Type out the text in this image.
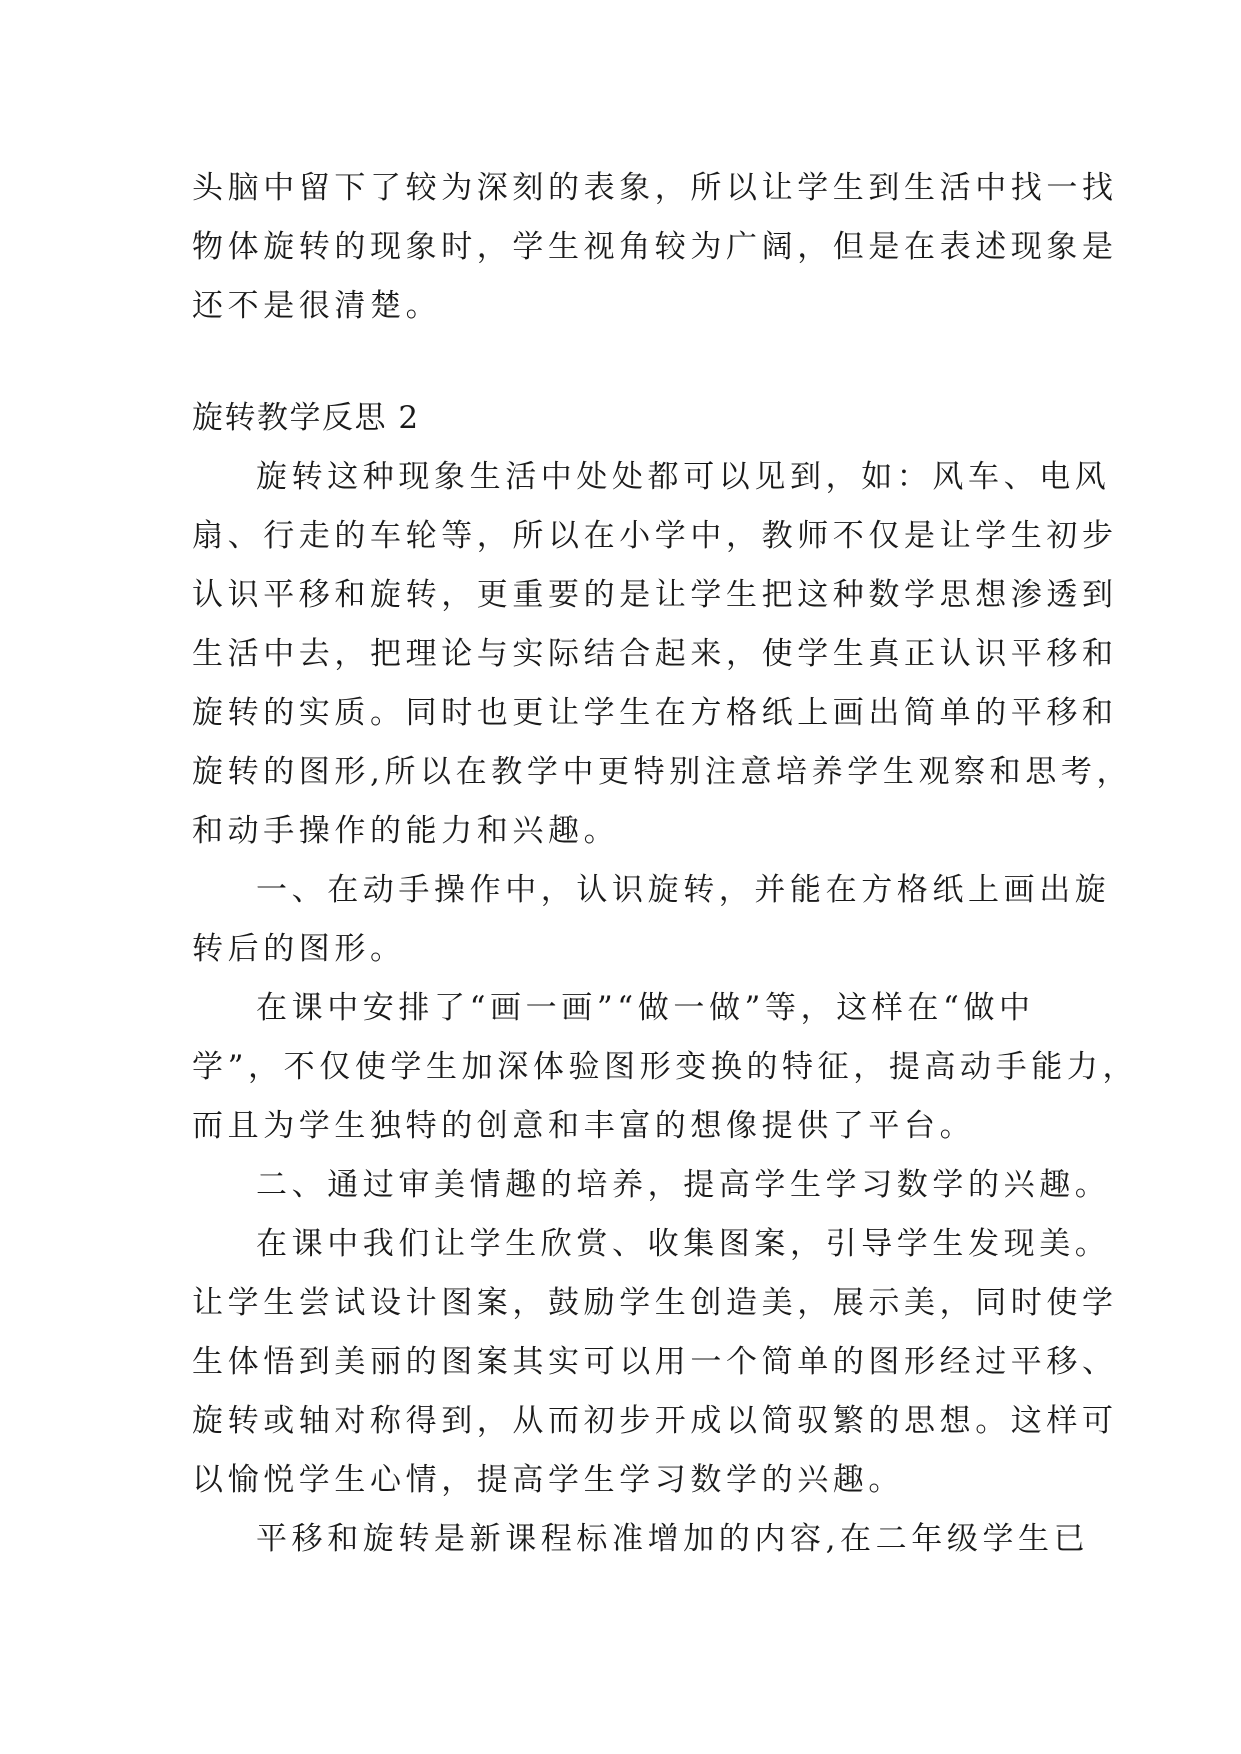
头脑中留下了较为深刻的表象，所以让学生到生活中找一找
物体旋转的现象时，学生视角较为广阔，但是在表述现象是
还不是很清楚。
旋转教学反思 2
旋转这种现象生活中处处都可以见到，如：风车、电风
扇、行走的车轮等，所以在小学中，教师不仅是让学生初步
认识平移和旋转，更重要的是让学生把这种数学思想渗透到
生活中去，把理论与实际结合起来，使学生真正认识平移和
旋转的实质。同时也更让学生在方格纸上画出简单的平移和
旋转的图形,所以在教学中更特别注意培养学生观察和思考，
和动手操作的能力和兴趣。
一、在动手操作中，认识旋转，并能在方格纸上画出旋
转后的图形。
在课中安排了“画一画”“做一做”等，这样在“做中
学”，不仅使学生加深体验图形变换的特征，提高动手能力，
而且为学生独特的创意和丰富的想像提供了平台。
二、通过审美情趣的培养，提高学生学习数学的兴趣。
在课中我们让学生欣赏、收集图案，引导学生发现美。
让学生尝试设计图案，鼓励学生创造美，展示美，同时使学
生体悟到美丽的图案其实可以用一个简单的图形经过平移、
旋转或轴对称得到，从而初步开成以简驭繁的思想。这样可
以愉悦学生心情，提高学生学习数学的兴趣。
平移和旋转是新课程标准增加的内容,在二年级学生已
